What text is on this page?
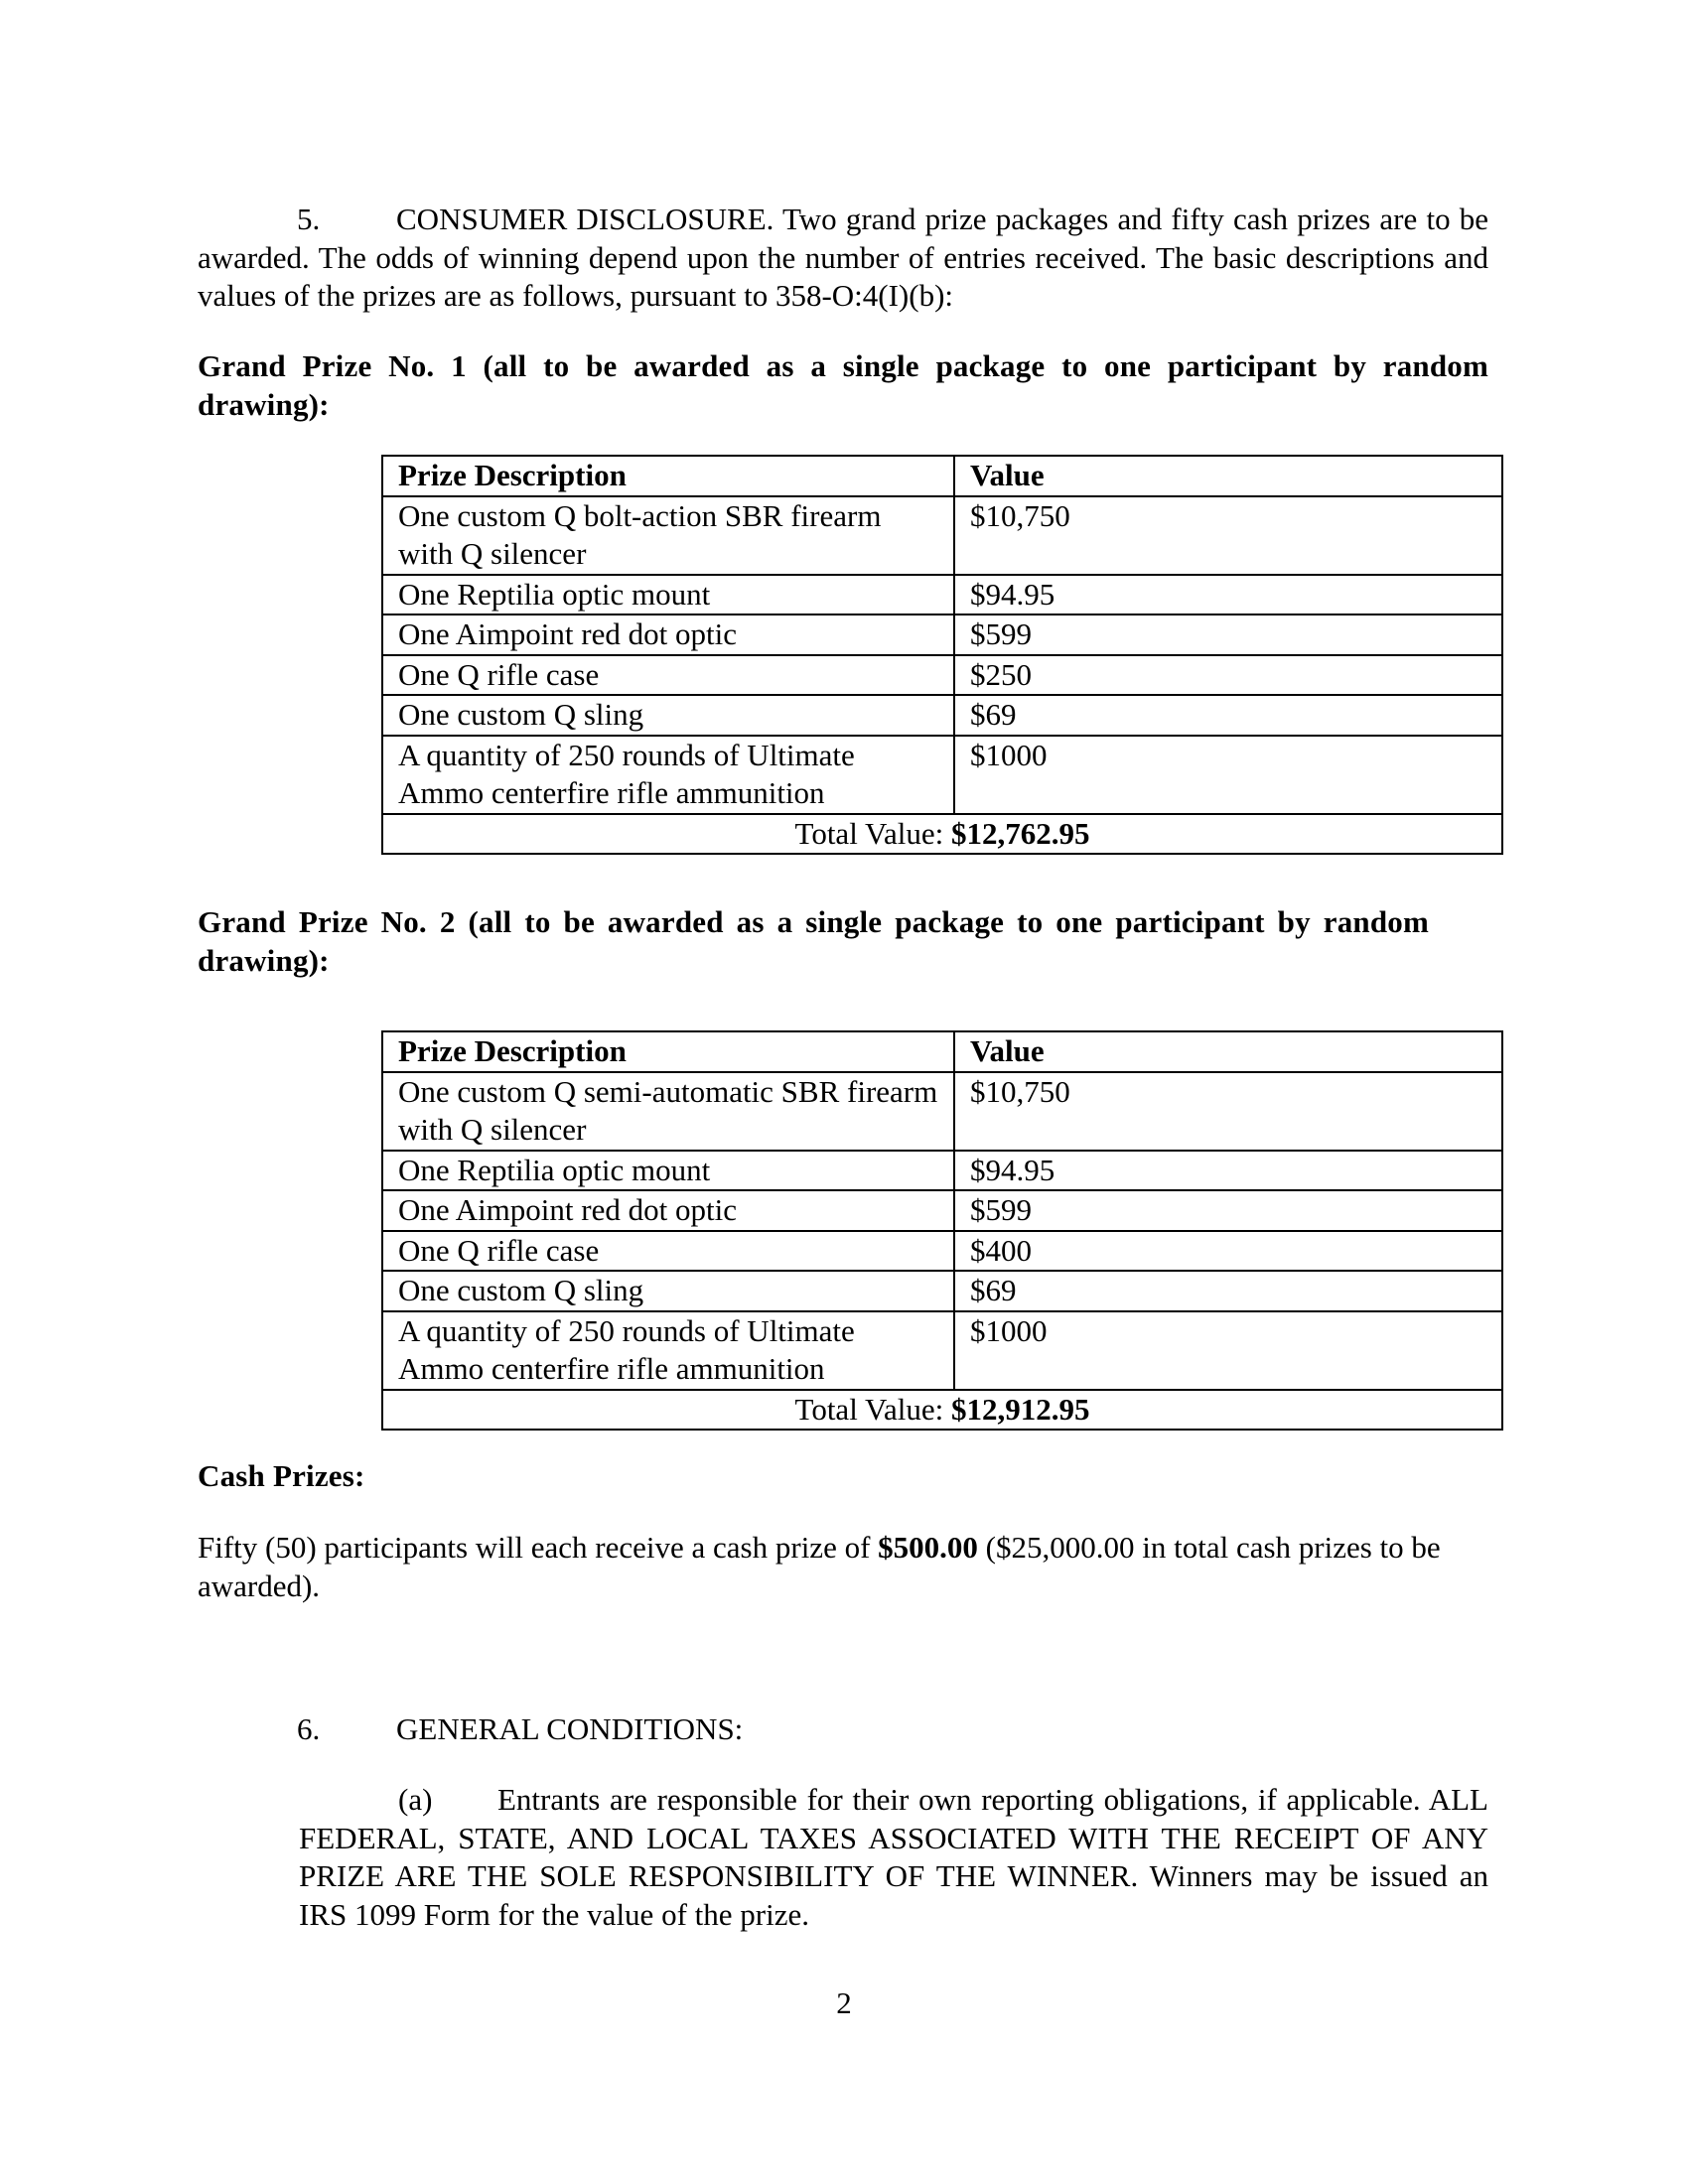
5. CONSUMER DISCLOSURE. Two grand prize packages and fifty cash prizes are to be awarded. The odds of winning depend upon the number of entries received. The basic descriptions and values of the prizes are as follows, pursuant to 358-O:4(I)(b):
Grand Prize No. 1 (all to be awarded as a single package to one participant by random drawing):
Prize Description	Value
One custom Q bolt-action SBR firearm with Q silencer	$10,750
One Reptilia optic mount	$94.95
One Aimpoint red dot optic	$599
One Q rifle case	$250
One custom Q sling	$69
A quantity of 250 rounds of Ultimate Ammo centerfire rifle ammunition	$1000
Total Value: $12,762.95	
Grand Prize No. 2 (all to be awarded as a single package to one participant by random drawing):
Prize Description	Value
One custom Q semi-automatic SBR firearm with Q silencer	$10,750
One Reptilia optic mount	$94.95
One Aimpoint red dot optic	$599
One Q rifle case	$400
One custom Q sling	$69
A quantity of 250 rounds of Ultimate Ammo centerfire rifle ammunition	$1000
Total Value: $12,912.95	
Cash Prizes:
Fifty (50) participants will each receive a cash prize of $500.00 ($25,000.00 in total cash prizes to be awarded).
6. GENERAL CONDITIONS:
(a) Entrants are responsible for their own reporting obligations, if applicable. ALL FEDERAL, STATE, AND LOCAL TAXES ASSOCIATED WITH THE RECEIPT OF ANY PRIZE ARE THE SOLE RESPONSIBILITY OF THE WINNER. Winners may be issued an IRS 1099 Form for the value of the prize.
2
